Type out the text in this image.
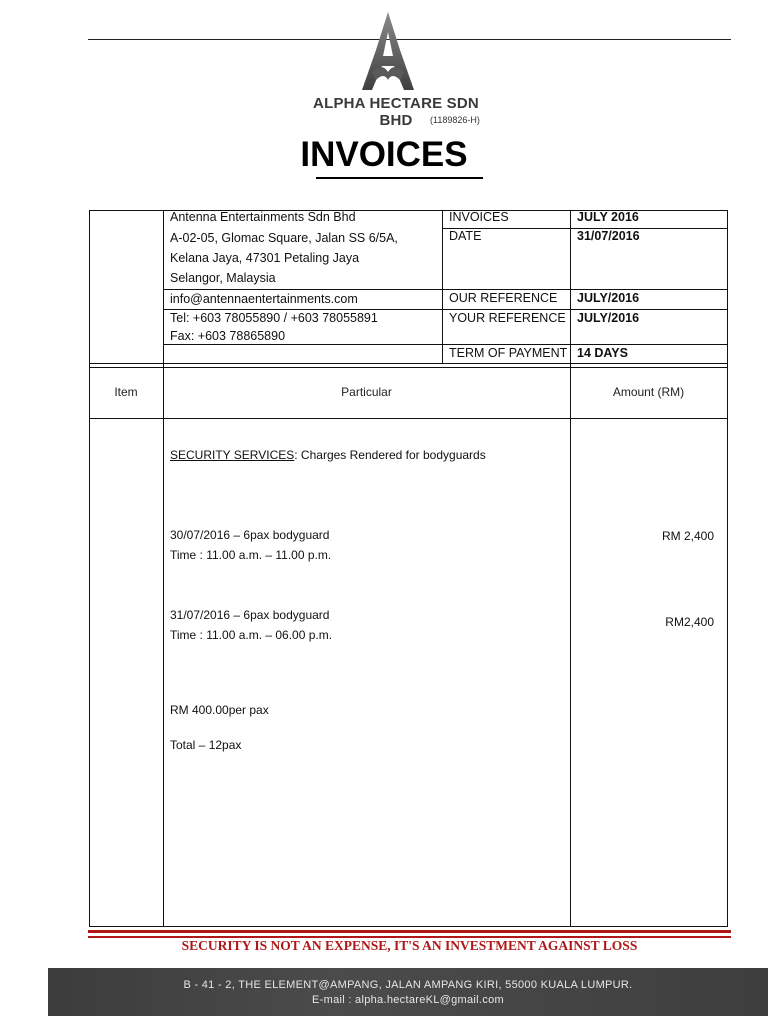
ALPHA HECTARE SDN BHD	(1189826-H)
INVOICES
Antenna Entertainments Sdn Bhd
A-02-05, Glomac Square, Jalan SS 6/5A,
Kelana Jaya, 47301 Petaling Jaya
Selangor, Malaysia
info@antennaentertainments.com
Tel: +603 78055890 / +603 78055891
Fax: +603 78865890
INVOICES	JULY 2016
DATE	31/07/2016
OUR REFERENCE JULY/2016
YOUR REFERENCE JULY/2016
TERM OF PAYMENT 14 DAYS
Item	Particular	Amount (RM)
SECURITY SERVICES: Charges Rendered for bodyguards
30/07/2016 – 6pax bodyguard
Time : 11.00 a.m. – 11.00 p.m.
RM 2,400
31/07/2016 – 6pax bodyguard
Time : 11.00 a.m. – 06.00 p.m.
RM2,400
RM 400.00per pax
Total – 12pax
SECURITY IS NOT AN EXPENSE, IT'S AN INVESTMENT AGAINST LOSS
B - 41 - 2, THE ELEMENT@AMPANG, JALAN AMPANG KIRI, 55000 KUALA LUMPUR.
E-mail : alpha.hectareKL@gmail.com
